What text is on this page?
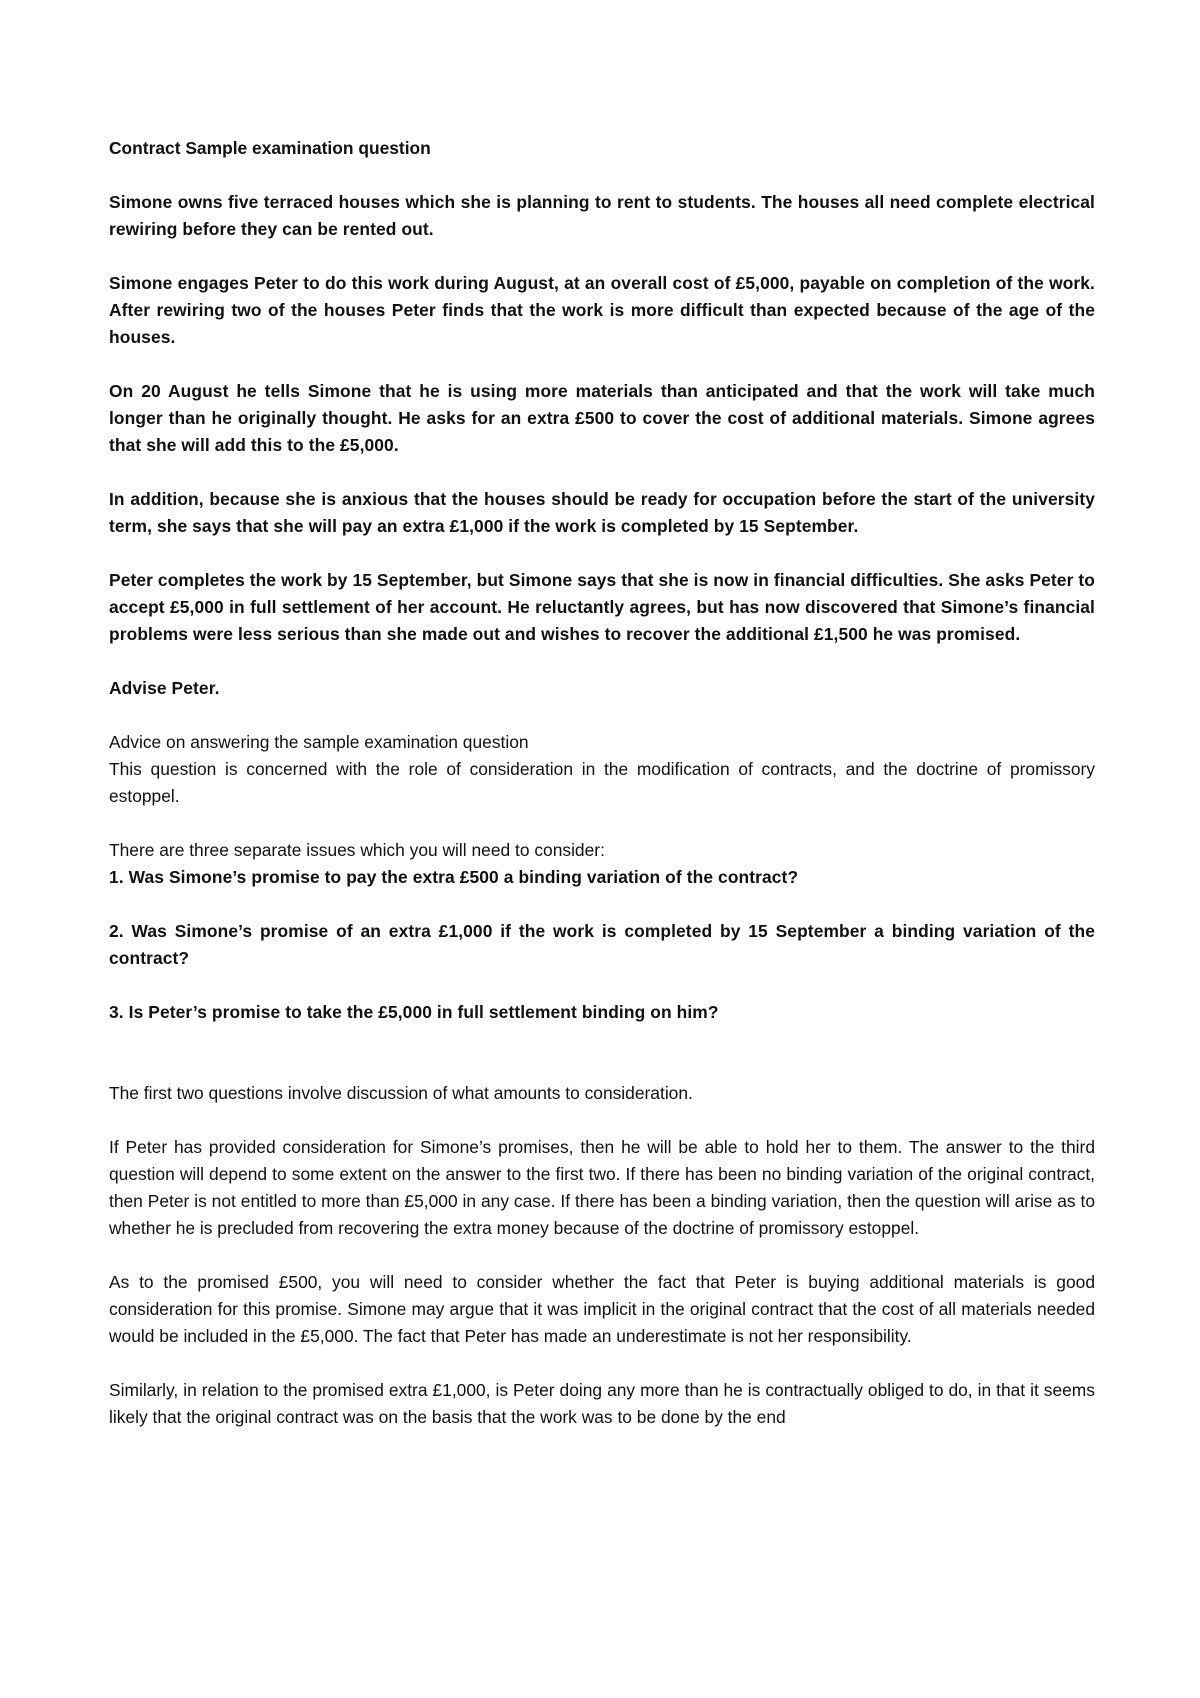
Contract Sample examination question

Simone owns five terraced houses which she is planning to rent to students. The houses all need complete electrical rewiring before they can be rented out.

Simone engages Peter to do this work during August, at an overall cost of £5,000, payable on completion of the work. After rewiring two of the houses Peter finds that the work is more difficult than expected because of the age of the houses.

On 20 August he tells Simone that he is using more materials than anticipated and that the work will take much longer than he originally thought. He asks for an extra £500 to cover the cost of additional materials. Simone agrees that she will add this to the £5,000.

In addition, because she is anxious that the houses should be ready for occupation before the start of the university term, she says that she will pay an extra £1,000 if the work is completed by 15 September.

Peter completes the work by 15 September, but Simone says that she is now in financial difficulties. She asks Peter to accept £5,000 in full settlement of her account. He reluctantly agrees, but has now discovered that Simone’s financial problems were less serious than she made out and wishes to recover the additional £1,500 he was promised.

Advise Peter.

Advice on answering the sample examination question

This question is concerned with the role of consideration in the modification of contracts, and the doctrine of promissory estoppel.

There are three separate issues which you will need to consider:

1. Was Simone’s promise to pay the extra £500 a binding variation of the contract?

2. Was Simone’s promise of an extra £1,000 if the work is completed by 15 September a binding variation of the contract?

3. Is Peter’s promise to take the £5,000 in full settlement binding on him?

The first two questions involve discussion of what amounts to consideration.

If Peter has provided consideration for Simone’s promises, then he will be able to hold her to them. The answer to the third question will depend to some extent on the answer to the first two. If there has been no binding variation of the original contract, then Peter is not entitled to more than £5,000 in any case. If there has been a binding variation, then the question will arise as to whether he is precluded from recovering the extra money because of the doctrine of promissory estoppel.

As to the promised £500, you will need to consider whether the fact that Peter is buying additional materials is good consideration for this promise. Simone may argue that it was implicit in the original contract that the cost of all materials needed would be included in the £5,000. The fact that Peter has made an underestimate is not her responsibility.

Similarly, in relation to the promised extra £1,000, is Peter doing any more than he is contractually obliged to do, in that it seems likely that the original contract was on the basis that the work was to be done by the end
